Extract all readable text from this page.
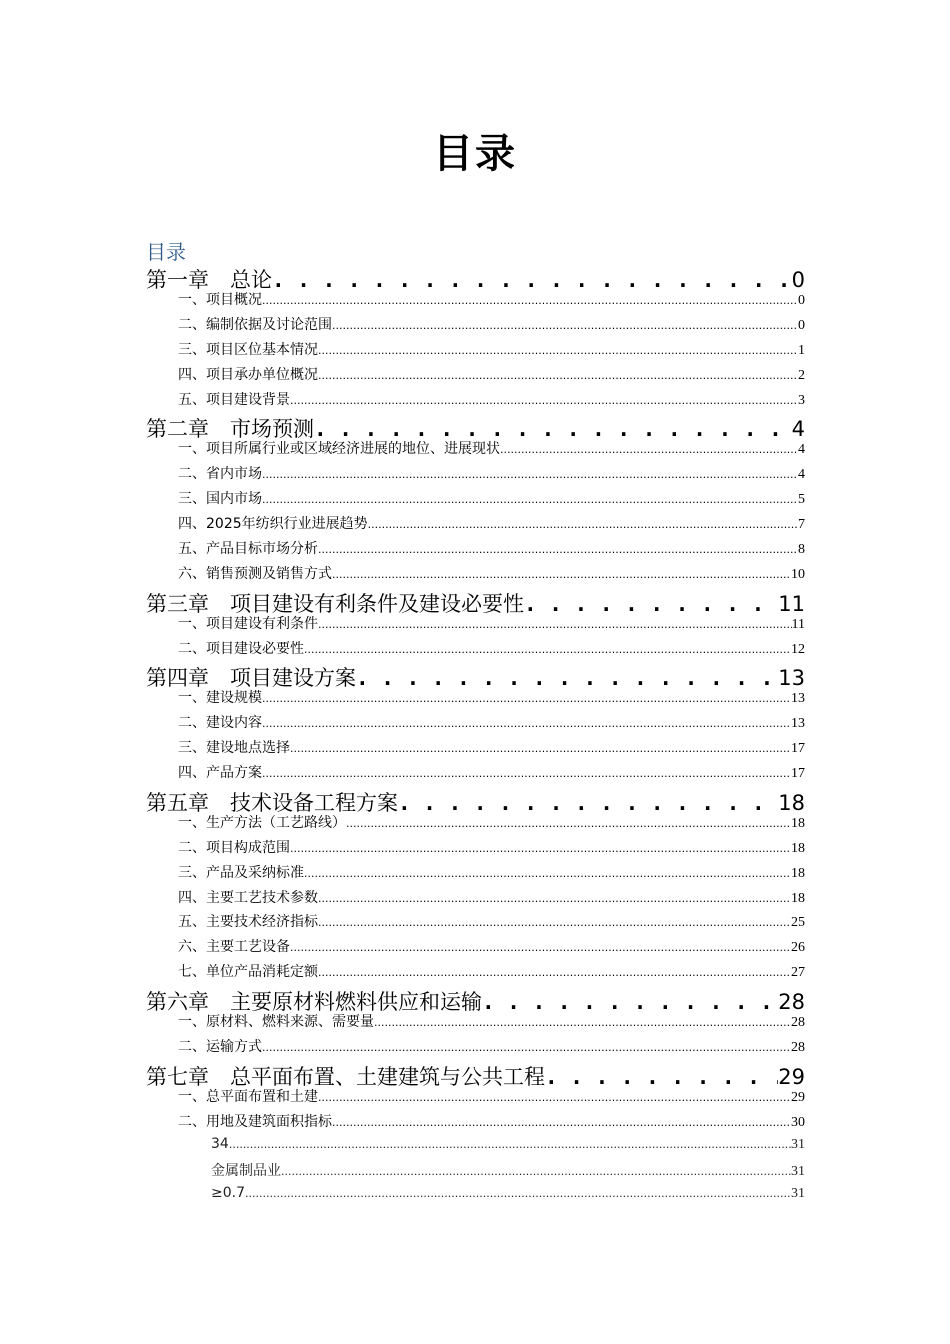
目录
目录
第一章　总论 . . .	0
一、项目概况 .....	0
二、编制依据及讨论范围 .....	0
三、项目区位基本情况 .....	1
四、项目承办单位概况 .....	2
五、项目建设背景 .....	3
第二章　市场预测 . . .	4
一、项目所属行业或区域经济进展的地位、进展现状 .....	4
二、省内市场 .....	4
三、国内市场 .....	5
四、2025年纺织行业进展趋势 .....	7
五、产品目标市场分析 .....	8
六、销售预测及销售方式 .....	10
第三章　项目建设有利条件及建设必要性 . . .	11
一、项目建设有利条件 .....	11
二、项目建设必要性 .....	12
第四章　项目建设方案 . . .	13
一、建设规模 .....	13
二、建设内容 .....	13
三、建设地点选择 .....	17
四、产品方案 .....	17
第五章　技术设备工程方案 . . .	18
一、生产方法（工艺路线） .....	18
二、项目构成范围 .....	18
三、产品及采纳标准 .....	18
四、主要工艺技术参数 .....	18
五、主要技术经济指标 .....	25
六、主要工艺设备 .....	26
七、单位产品消耗定额 .....	27
第六章　主要原材料燃料供应和运输 . . .	28
一、原材料、燃料来源、需要量 .....	28
二、运输方式 .....	28
第七章　总平面布置、土建建筑与公共工程 . . .	29
一、总平面布置和土建 .....	29
二、用地及建筑面积指标 .....	30
34 .....	31
金属制品业 .....	31
≥0.7 .....	31
